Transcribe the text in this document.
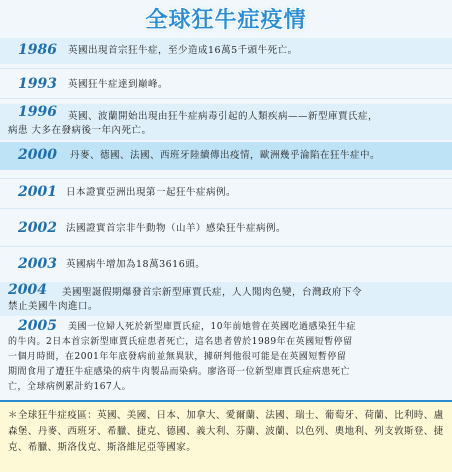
全球狂牛症疫情
1986 英國出現首宗狂牛症，至少造成16萬5千頭牛死亡。
1993 英國狂牛症達到巔峰。
1996	英國、波蘭開始出現由狂牛症病毒引起的人類疾病——新型庫賈氏症，
病患 大多在發病後一年內死亡。
2000 丹麥、德國、法國、西班牙陸續傳出疫情，歐洲幾乎淪陷在狂牛症中。
2001 日本證實亞洲出現第一起狂牛症病例。
2002 法國證實首宗非牛動物（山羊）感染狂牛症病例。
2003 英國病牛增加為18萬3616頭。
2004	美國聖誕假期爆發首宗新型庫賈氏症，人人聞肉色變，台灣政府下令
禁止美國牛肉進口。
2005	美國一位婦人死於新型庫賈氏症，10年前她曾在英國吃過感染狂牛症
的牛肉。2日本首宗新型庫賈氏症患者死亡，這名患者曾於1989年在英國短暫停留
一個月時間，在2001年年底發病前並無異狀，據研判他很可能是在英國短暫停留
期間食用了遭狂牛症感染的病牛肉製品而染病。廖洛哥一位新型庫賈氏症病患死亡
亡，全球病例累計約167人。
＊全球狂牛症疫區：英國、美國、日本、加拿大、愛爾蘭、法國、瑞士、葡萄牙、荷蘭、比利時、盧森堡、丹麥、西班牙、希臘、捷克、德國、義大利、芬蘭、波蘭、以色列、奧地利、列支敦斯登、捷克、希臘、斯洛伐克、斯洛維尼亞等國家。
